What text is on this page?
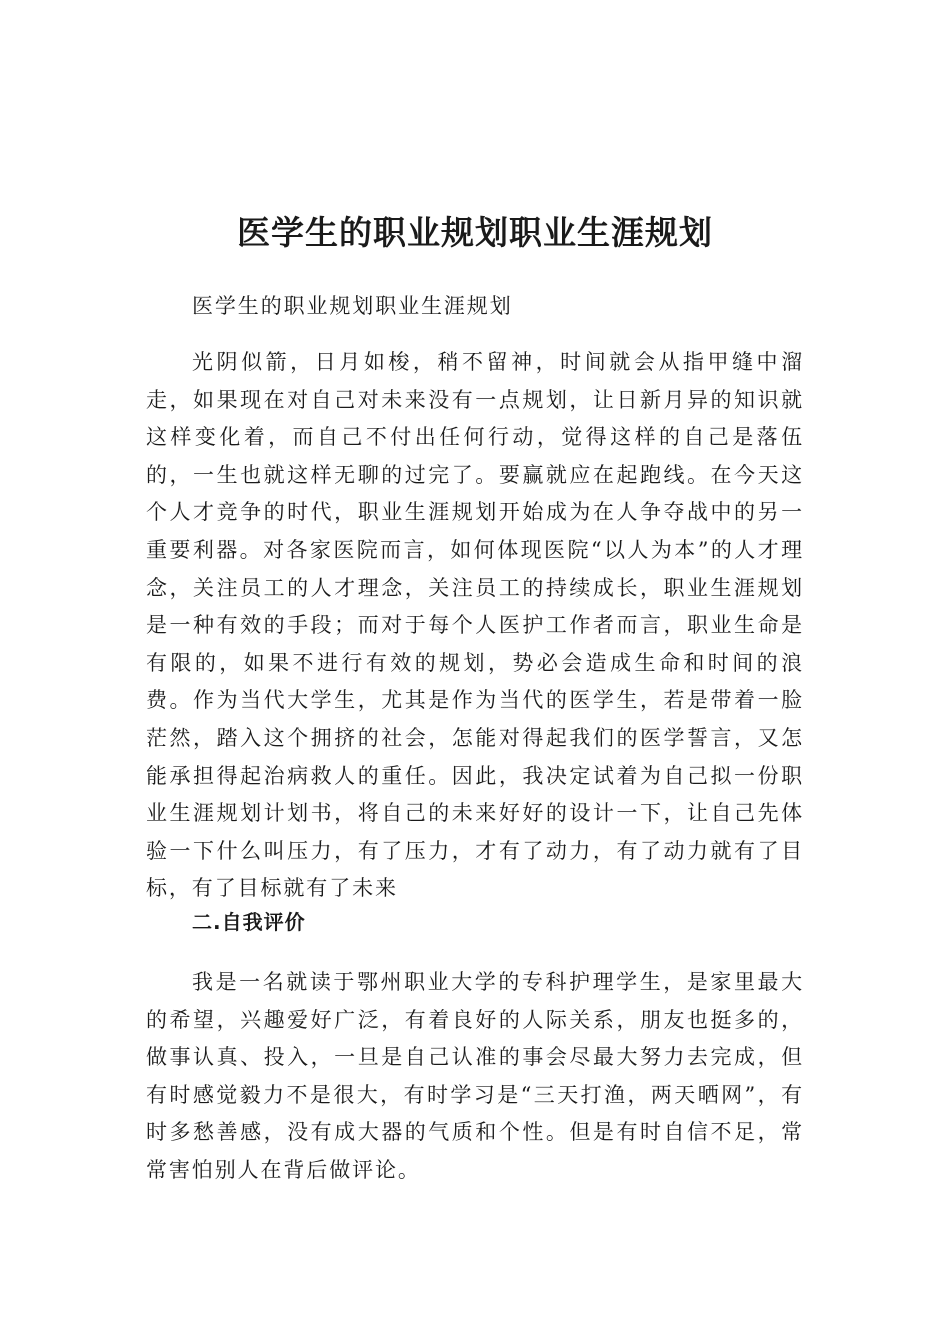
医学生的职业规划职业生涯规划

医学生的职业规划职业生涯规划

光阴似箭，日月如梭，稍不留神，时间就会从指甲缝中溜走，如果现在对自己对未来没有一点规划，让日新月异的知识就这样变化着，而自己不付出任何行动，觉得这样的自己是落伍的，一生也就这样无聊的过完了。要赢就应在起跑线。在今天这个人才竞争的时代，职业生涯规划开始成为在人争夺战中的另一重要利器。对各家医院而言，如何体现医院“以人为本”的人才理念，关注员工的人才理念，关注员工的持续成长，职业生涯规划是一种有效的手段；而对于每个人医护工作者而言，职业生命是有限的，如果不进行有效的规划，势必会造成生命和时间的浪费。作为当代大学生，尤其是作为当代的医学生，若是带着一脸茫然，踏入这个拥挤的社会，怎能对得起我们的医学誓言，又怎能承担得起治病救人的重任。因此，我决定试着为自己拟一份职业生涯规划计划书，将自己的未来好好的设计一下，让自己先体验一下什么叫压力，有了压力，才有了动力，有了动力就有了目标，有了目标就有了未来

二.自我评价

我是一名就读于鄂州职业大学的专科护理学生，是家里最大的希望，兴趣爱好广泛，有着良好的人际关系，朋友也挺多的，做事认真、投入，一旦是自己认准的事会尽最大努力去完成，但有时感觉毅力不是很大，有时学习是“三天打渔，两天晒网”，有时多愁善感，没有成大器的气质和个性。但是有时自信不足，常常害怕别人在背后做评论。
